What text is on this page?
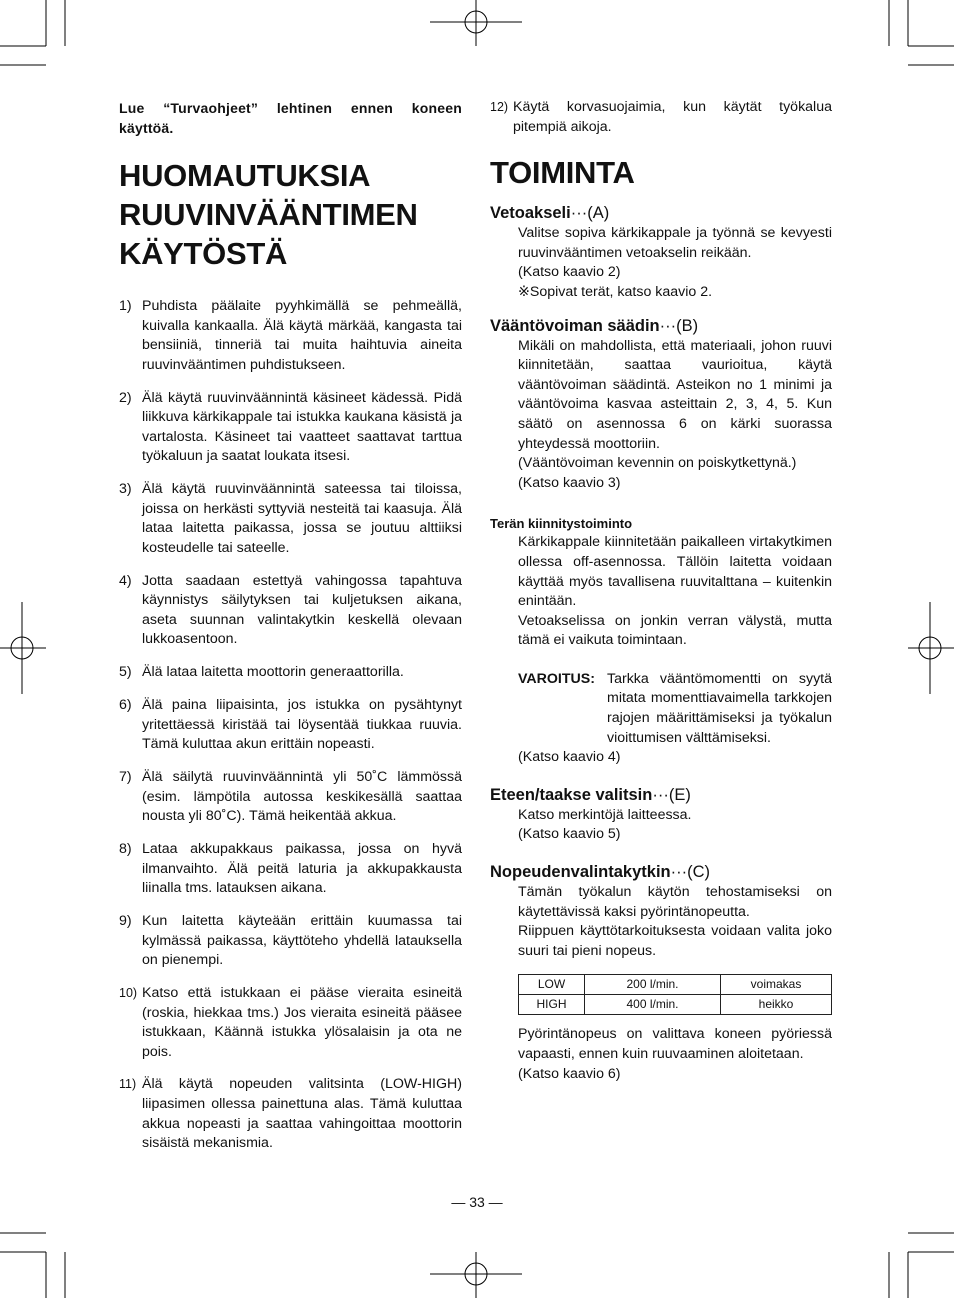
Lue “Turvaohjeet” lehtinen ennen koneen käyttöä.

HUOMAUTUKSIA
RUUVINVÄÄNTIMEN
KÄYTÖSTÄ
1) Puhdista päälaite pyyhkimällä se pehmeällä, kuivalla kankaalla. Älä käytä märkää, kangasta tai bensiiniä, tinneriä tai muita haihtuvia aineita ruuvinvääntimen puhdistukseen.
2) Älä käytä ruuvinväännintä käsineet kädessä. Pidä liikkuva kärkikappale tai istukka kaukana käsistä ja vartalosta. Käsineet tai vaatteet saattavat tarttua työkaluun ja saatat loukata itsesi.
3) Älä käytä ruuvinväännintä sateessa tai tiloissa, joissa on herkästi syttyviä nesteitä tai kaasuja. Älä lataa laitetta paikassa, jossa se joutuu alttiiksi kosteudelle tai sateelle.
4) Jotta saadaan estettyä vahingossa tapahtuva käynnistys säilytyksen tai kuljetuksen aikana, aseta suunnan valintakytkin keskellä olevaan lukkoasentoon.
5) Älä lataa laitetta moottorin generaattorilla.
6) Älä paina liipaisinta, jos istukka on pysähtynyt yritettäessä kiristää tai löysentää tiukkaa ruuvia. Tämä kuluttaa akun erittäin nopeasti.
7) Älä säilytä ruuvinväännintä yli 50˚C lämmössä (esim. lämpötila autossa keskikesällä saattaa nousta yli 80˚C). Tämä heikentää akkua.
8) Lataa akkupakkaus paikassa, jossa on hyvä ilmanvaihto. Älä peitä laturia ja akkupakkausta liinalla tms. latauksen aikana.
9) Kun laitetta käyteään erittäin kuumassa tai kylmässä paikassa, käyttöteho yhdellä latauksella on pienempi.
10) Katso että istukkaan ei pääse vieraita esineitä (roskia, hiekkaa tms.) Jos vieraita esineitä pääsee istukkaan, Käännä istukka ylösalaisin ja ota ne pois.
11) Älä käytä nopeuden valitsinta (LOW-HIGH) liipasimen ollessa painettuna alas. Tämä kuluttaa akkua nopeasti ja saattaa vahingoittaa moottorin sisäistä mekanismia.
12) Käytä korvasuojaimia, kun käytät työkalua pitempiä aikoja.
TOIMINTA

Vetoakseli···(A)

Valitse sopiva kärkikappale ja työnnä se kevyesti ruuvinvääntimen vetoakselin reikään.

(Katso kaavio 2)

※Sopivat terät, katso kaavio 2.

Vääntövoiman säädin···(B)

Mikäli on mahdollista, että materiaali, johon ruuvi kiinnitetään, saattaa vaurioitua, käytä vääntövoiman säädintä. Asteikon no 1 minimi ja vääntövoima kasvaa asteittain 2, 3, 4, 5. Kun säätö on asennossa 6 on kärki suorassa yhteydessä moottoriin.

(Vääntövoiman kevennin on poiskytkettynä.)

(Katso kaavio 3)

Terän kiinnitystoiminto

Kärkikappale kiinnitetään paikalleen virtakytkimen ollessa off-asennossa. Tällöin laitetta voidaan käyttää myös tavallisena ruuvitalttana – kuitenkin enintään.

Vetoakselissa on jonkin verran välystä, mutta tämä ei vaikuta toimintaan.

VAROITUS: Tarkka vääntömomentti on syytä mitata momenttiavaimella tarkkojen rajojen määrittämiseksi ja työkalun vioittumisen välttämiseksi.

(Katso kaavio 4)

Eteen/taakse valitsin···(E)

Katso merkintöjä laitteessa.

(Katso kaavio 5)

Nopeudenvalintakytkin···(C)

Tämän työkalun käytön tehostamiseksi on käytettävissä kaksi pyörintänopeutta.

Riippuen käyttötarkoituksesta voidaan valita joko suuri tai pieni nopeus.

LOW	200 l/min.	voimakas
HIGH	400 l/min.	heikko

Pyörintänopeus on valittava koneen pyöriessä vapaasti, ennen kuin ruuvaaminen aloitetaan.

(Katso kaavio 6)

— 33 —
